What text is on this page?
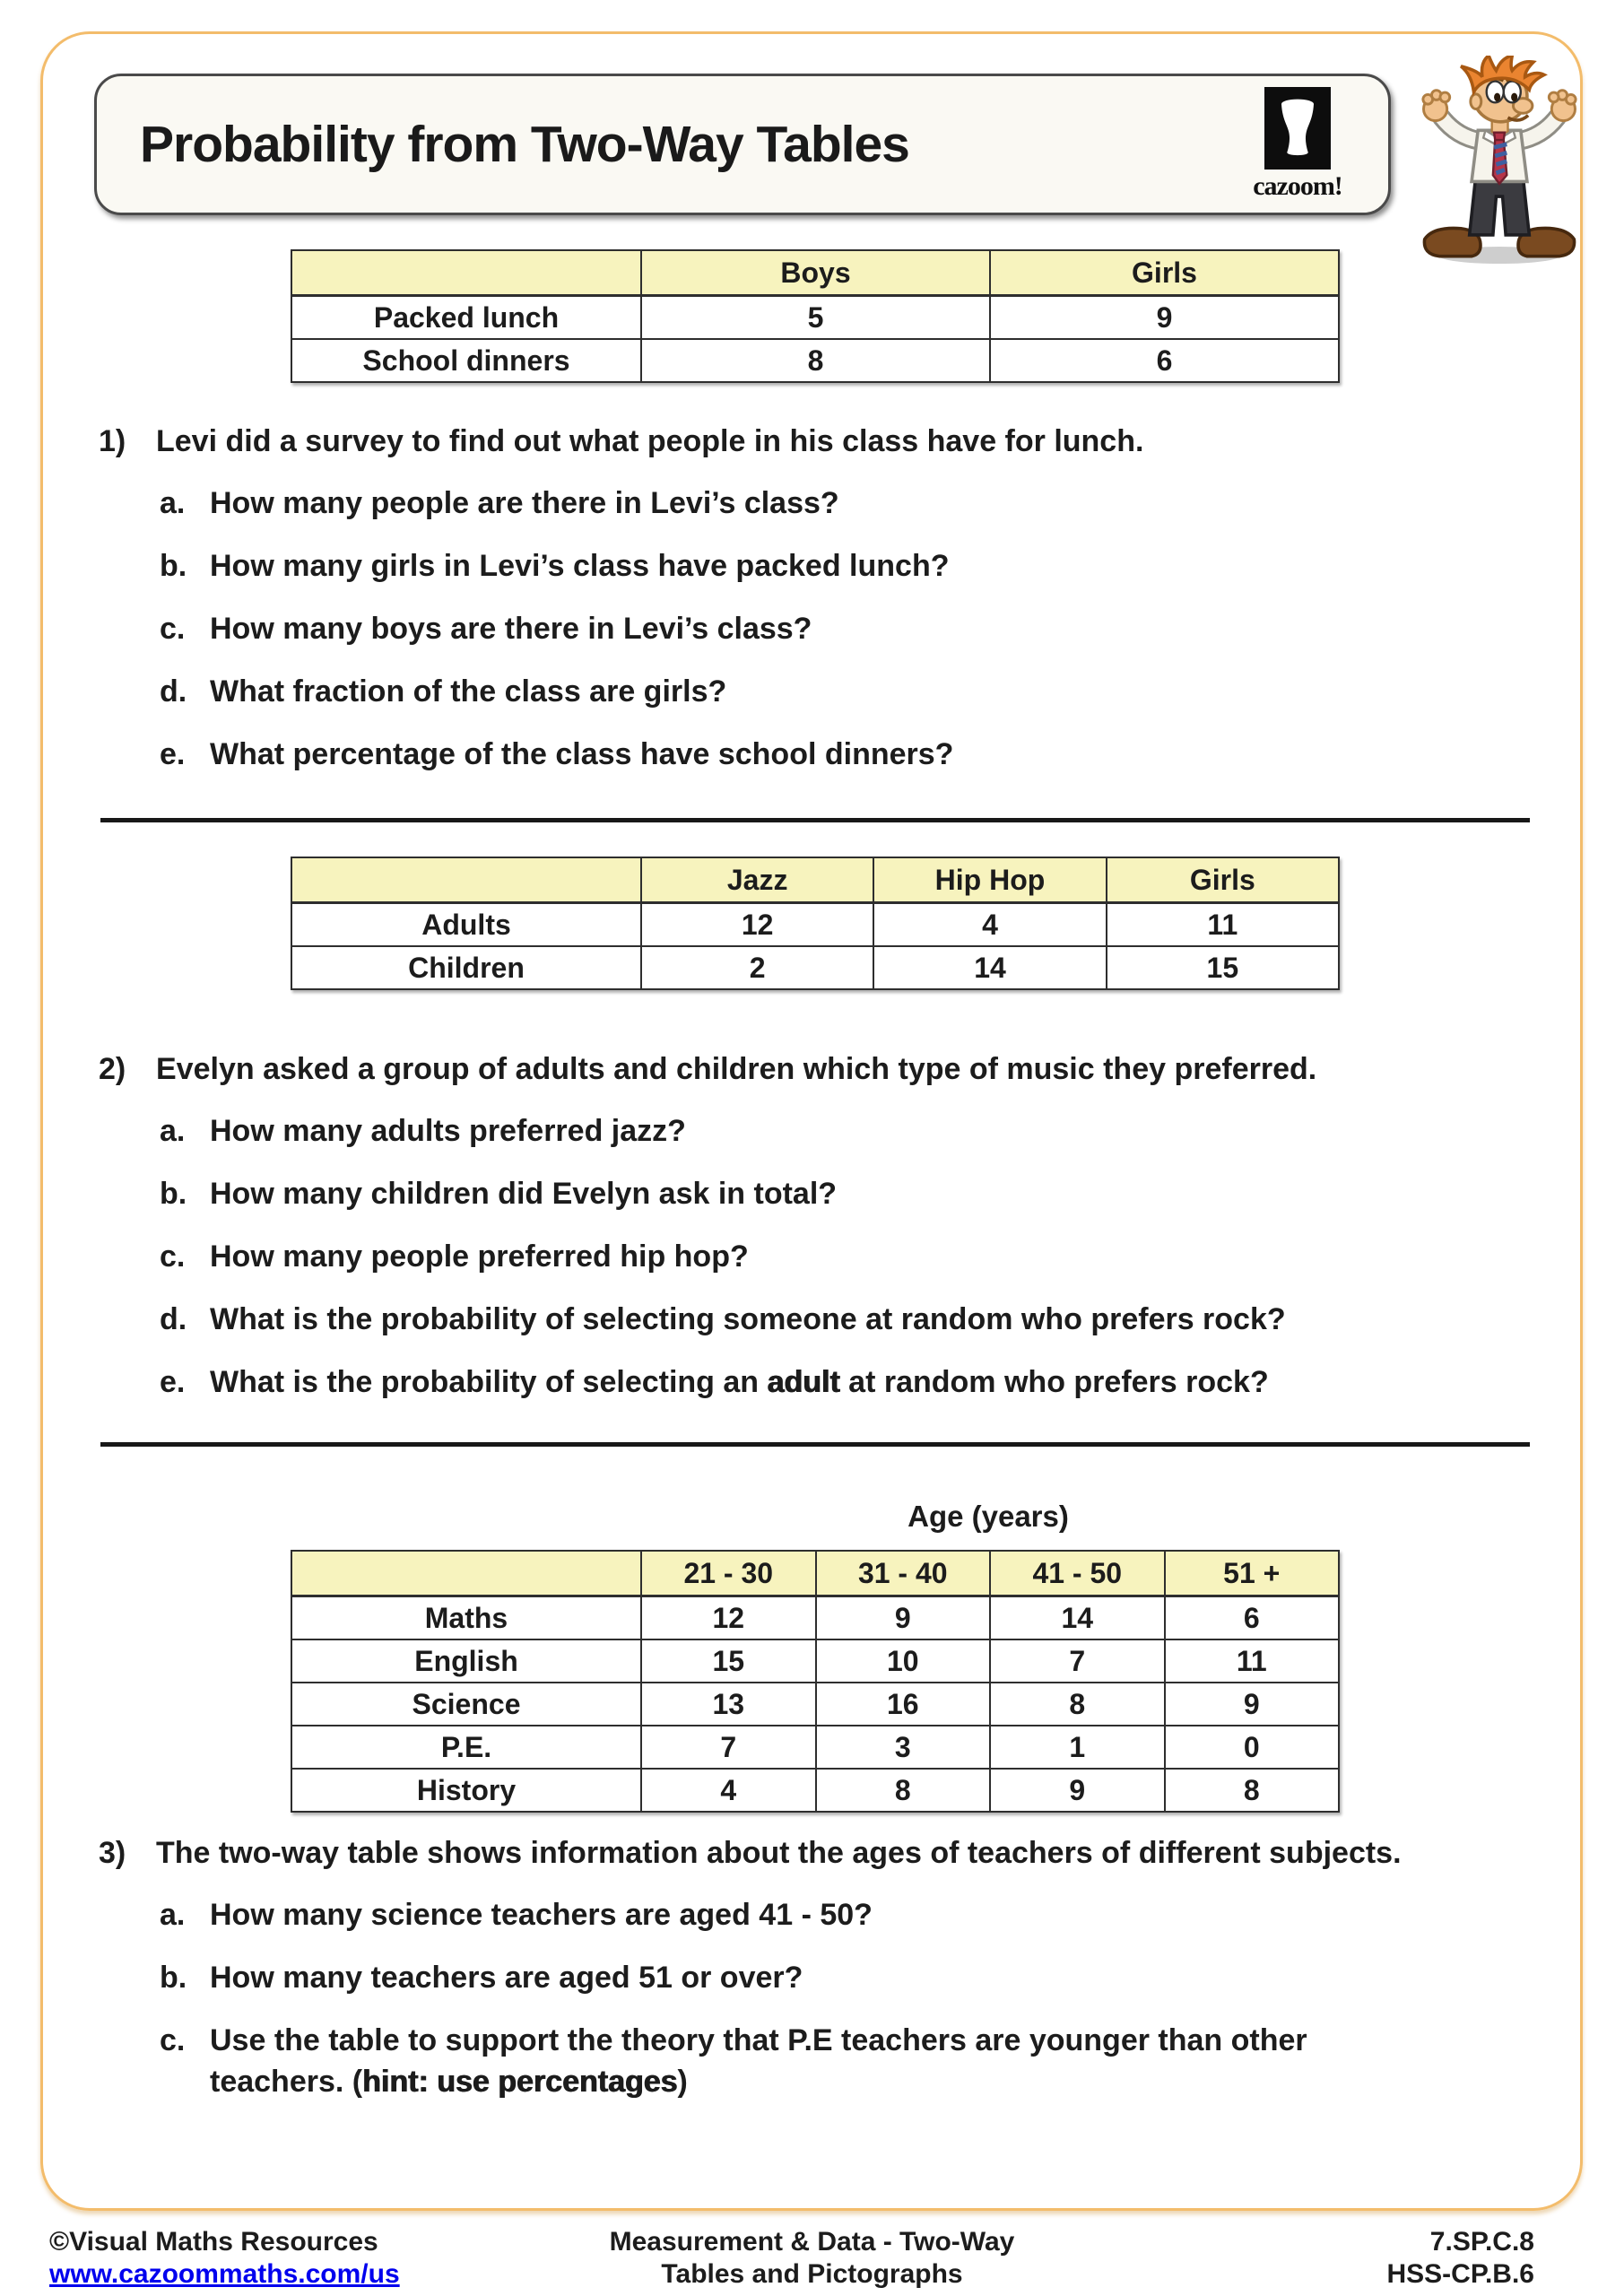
Probability from Two-Way Tables
cazoom!
	Boys	Girls
Packed lunch	5	9
School dinners	8	6
1) Levi did a survey to find out what people in his class have for lunch.
a. How many people are there in Levi’s class?
b. How many girls in Levi’s class have packed lunch?
c. How many boys are there in Levi’s class?
d. What fraction of the class are girls?
e. What percentage of the class have school dinners?
	Jazz	Hip Hop	Girls
Adults	12	4	11
Children	2	14	15
2) Evelyn asked a group of adults and children which type of music they preferred.
a. How many adults preferred jazz?
b. How many children did Evelyn ask in total?
c. How many people preferred hip hop?
d. What is the probability of selecting someone at random who prefers rock?
e. What is the probability of selecting an adult at random who prefers rock?
Age (years)
	21 - 30	31 - 40	41 - 50	51 +
Maths	12	9	14	6
English	15	10	7	11
Science	13	16	8	9
P.E.	7	3	1	0
History	4	8	9	8
3) The two-way table shows information about the ages of teachers of different subjects.
a. How many science teachers are aged 41 - 50?
b. How many teachers are aged 51 or over?
c. Use the table to support the theory that P.E teachers are younger than other
teachers. (hint: use percentages)
©Visual Maths Resources
www.cazoommaths.com/us
Measurement & Data - Two-Way
Tables and Pictographs
7.SP.C.8
HSS-CP.B.6
